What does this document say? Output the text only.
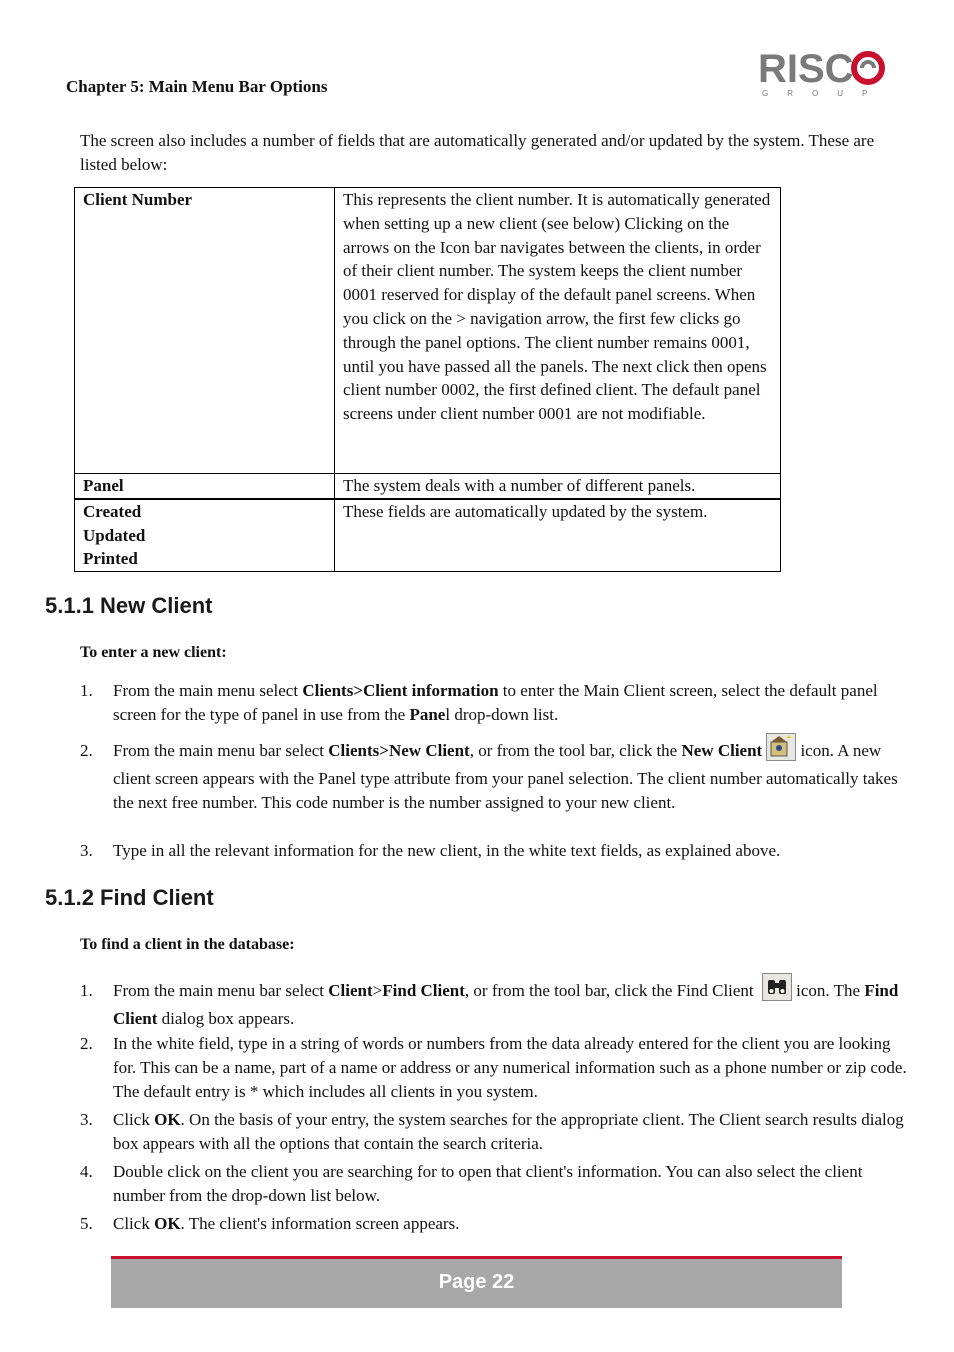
Chapter 5: Main Menu Bar Options	RISC
GROUP
The screen also includes a number of fields that are automatically generated and/or updated by the system. These are listed below:
Client Number	This represents the client number. It is automatically generated when setting up a new client (see below) Clicking on the arrows on the Icon bar navigates between the clients, in order of their client number. The system keeps the client number 0001 reserved for display of the default panel screens. When you click on the > navigation arrow, the first few clicks go through the panel options. The client number remains 0001, until you have passed all the panels. The next click then opens client number 0002, the first defined client. The default panel screens under client number 0001 are not modifiable.
Panel	The system deals with a number of different panels.

Created
Updated
Printed	These fields are automatically updated by the system.
5.1.1 New Client
To enter a new client:
1. From the main menu select Clients>Client information to enter the Main Client screen, select the default panel screen for the type of panel in use from the Panel drop-down list.
2. From the main menu bar select Clients>New Client, or from the tool bar, click the New Client icon. A new client screen appears with the Panel type attribute from your panel selection. The client number automatically takes the next free number. This code number is the number assigned to your new client.
3. Type in all the relevant information for the new client, in the white text fields, as explained above.
5.1.2 Find Client
To find a client in the database:
1. From the main menu bar select Client>Find Client, or from the tool bar, click the Find Client  icon. The Find Client dialog box appears.
2. In the white field, type in a string of words or numbers from the data already entered for the client you are looking for. This can be a name, part of a name or address or any numerical information such as a phone number or zip code. The default entry is * which includes all clients in you system.
3. Click OK. On the basis of your entry, the system searches for the appropriate client. The Client search results dialog box appears with all the options that contain the search criteria.
4. Double click on the client you are searching for to open that client's information. You can also select the client number from the drop-down list below.
5. Click OK. The client's information screen appears.
Page 22
